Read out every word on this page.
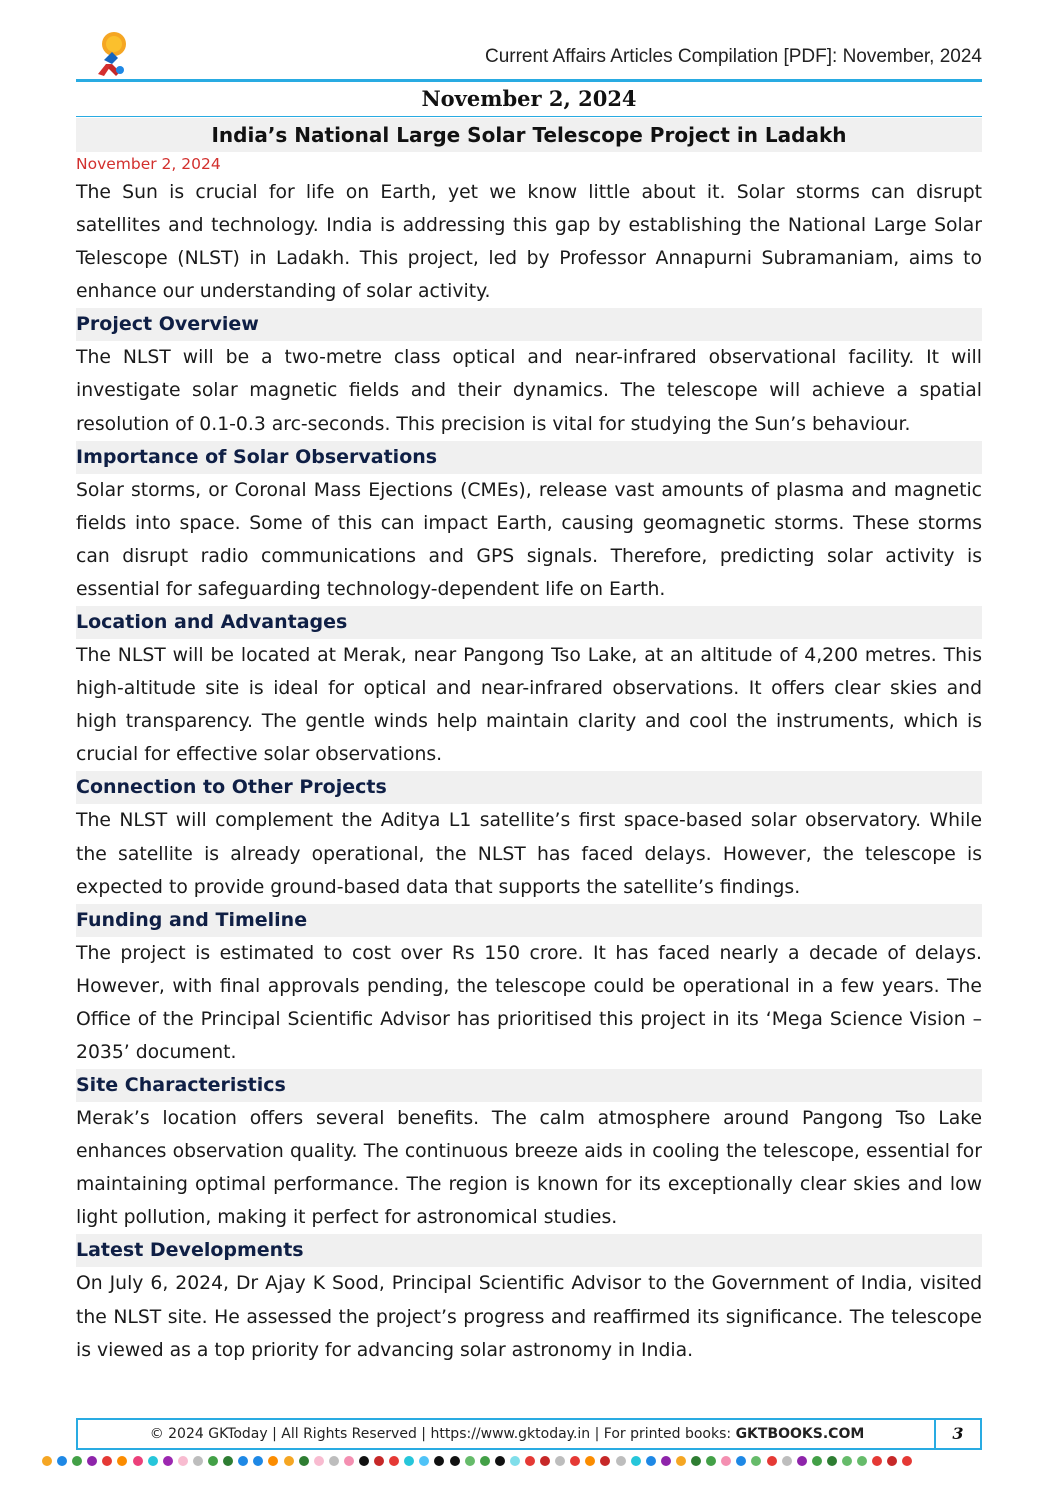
Current Affairs Articles Compilation [PDF]: November, 2024
November 2, 2024
India’s National Large Solar Telescope Project in Ladakh
November 2, 2024

The Sun is crucial for life on Earth, yet we know little about it. Solar storms can disrupt satellites and technology. India is addressing this gap by establishing the National Large Solar Telescope (NLST) in Ladakh. This project, led by Professor Annapurni Subramaniam, aims to enhance our understanding of solar activity.

Project Overview

The NLST will be a two-metre class optical and near-infrared observational facility. It will investigate solar magnetic fields and their dynamics. The telescope will achieve a spatial resolution of 0.1-0.3 arc-seconds. This precision is vital for studying the Sun’s behaviour.

Importance of Solar Observations

Solar storms, or Coronal Mass Ejections (CMEs), release vast amounts of plasma and magnetic fields into space. Some of this can impact Earth, causing geomagnetic storms. These storms can disrupt radio communications and GPS signals. Therefore, predicting solar activity is essential for safeguarding technology-dependent life on Earth.

Location and Advantages

The NLST will be located at Merak, near Pangong Tso Lake, at an altitude of 4,200 metres. This high-altitude site is ideal for optical and near-infrared observations. It offers clear skies and high transparency. The gentle winds help maintain clarity and cool the instruments, which is crucial for effective solar observations.

Connection to Other Projects

The NLST will complement the Aditya L1 satellite’s first space-based solar observatory. While the satellite is already operational, the NLST has faced delays. However, the telescope is expected to provide ground-based data that supports the satellite’s findings.

Funding and Timeline

The project is estimated to cost over Rs 150 crore. It has faced nearly a decade of delays. However, with final approvals pending, the telescope could be operational in a few years. The Office of the Principal Scientific Advisor has prioritised this project in its ‘Mega Science Vision – 2035’ document.

Site Characteristics

Merak’s location offers several benefits. The calm atmosphere around Pangong Tso Lake enhances observation quality. The continuous breeze aids in cooling the telescope, essential for maintaining optimal performance. The region is known for its exceptionally clear skies and low light pollution, making it perfect for astronomical studies.

Latest Developments

On July 6, 2024, Dr Ajay K Sood, Principal Scientific Advisor to the Government of India, visited the NLST site. He assessed the project’s progress and reaffirmed its significance. The telescope is viewed as a top priority for advancing solar astronomy in India.

© 2024 GKToday | All Rights Reserved | https://www.gktoday.in | For printed books: GKTBOOKS.COM	3
